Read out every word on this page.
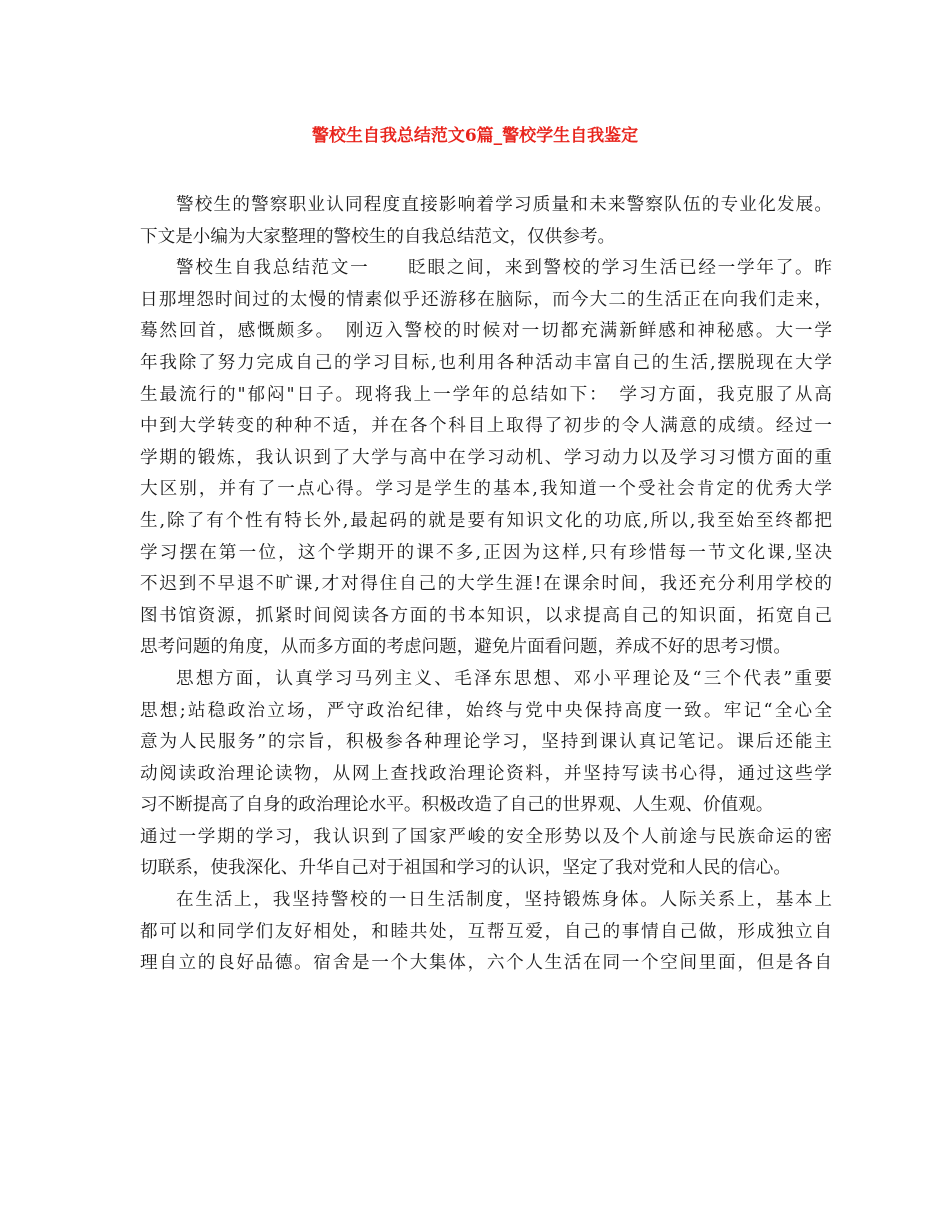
警校生自我总结范文6篇_警校学生自我鉴定
警校生的警察职业认同程度直接影响着学习质量和未来警察队伍的专业化发展。
下文是小编为大家整理的警校生的自我总结范文，仅供参考。
警校生自我总结范文一　　眨眼之间，来到警校的学习生活已经一学年了。昨
日那埋怨时间过的太慢的情素似乎还游移在脑际，而今大二的生活正在向我们走来，
蓦然回首，感慨颇多。　刚迈入警校的时候对一切都充满新鲜感和神秘感。大一学
年我除了努力完成自己的学习目标,也利用各种活动丰富自己的生活,摆脱现在大学
生最流行的"郁闷"日子。现将我上一学年的总结如下：　学习方面，我克服了从高
中到大学转变的种种不适，并在各个科目上取得了初步的令人满意的成绩。经过一
学期的锻炼，我认识到了大学与高中在学习动机、学习动力以及学习习惯方面的重
大区别，并有了一点心得。学习是学生的基本,我知道一个受社会肯定的优秀大学
生,除了有个性有特长外,最起码的就是要有知识文化的功底,所以,我至始至终都把
学习摆在第一位，这个学期开的课不多,正因为这样,只有珍惜每一节文化课,坚决
不迟到不早退不旷课,才对得住自己的大学生涯!在课余时间，我还充分利用学校的
图书馆资源，抓紧时间阅读各方面的书本知识，以求提高自己的知识面，拓宽自己
思考问题的角度，从而多方面的考虑问题，避免片面看问题，养成不好的思考习惯。
思想方面，认真学习马列主义、毛泽东思想、邓小平理论及“三个代表”重要
思想;站稳政治立场，严守政治纪律，始终与党中央保持高度一致。牢记“全心全
意为人民服务”的宗旨，积极参各种理论学习，坚持到课认真记笔记。课后还能主
动阅读政治理论读物，从网上查找政治理论资料，并坚持写读书心得，通过这些学
习不断提高了自身的政治理论水平。积极改造了自己的世界观、人生观、价值观。
通过一学期的学习，我认识到了国家严峻的安全形势以及个人前途与民族命运的密
切联系，使我深化、升华自己对于祖国和学习的认识，坚定了我对党和人民的信心。
在生活上，我坚持警校的一日生活制度，坚持锻炼身体。人际关系上，基本上
都可以和同学们友好相处，和睦共处，互帮互爱，自己的事情自己做，形成独立自
理自立的良好品德。宿舍是一个大集体，六个人生活在同一个空间里面，但是各自
